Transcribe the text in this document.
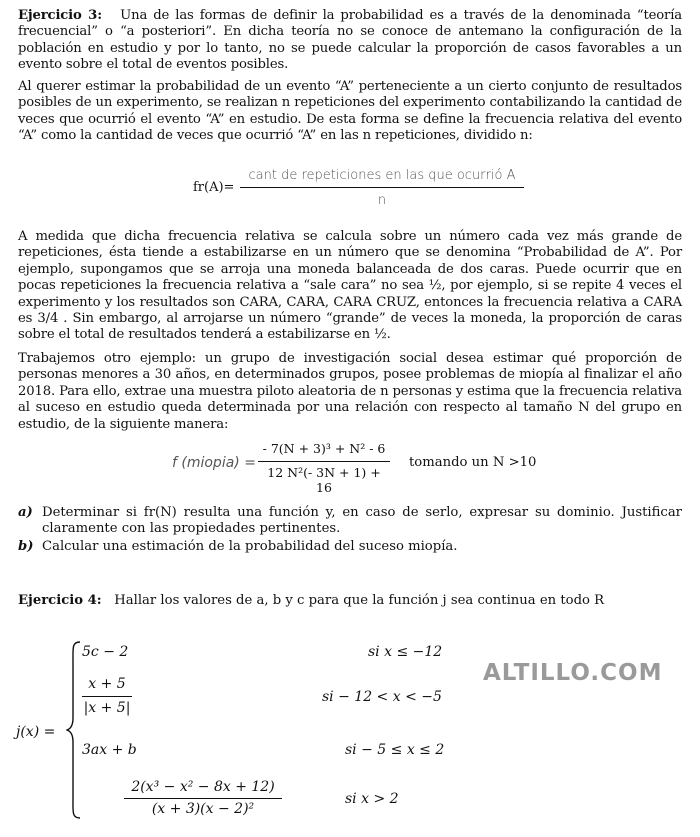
Ejercicio 3: Una de las formas de definir la probabilidad es a través de la denominada “teoría frecuencial” o “a posteriori”. En dicha teoría no se conoce de antemano la configuración de la población en estudio y por lo tanto, no se puede calcular la proporción de casos favorables a un evento sobre el total de eventos posibles.

Al querer estimar la probabilidad de un evento “A” perteneciente a un cierto conjunto de resultados posibles de un experimento, se realizan n repeticiones del experimento contabilizando la cantidad de veces que ocurrió el evento “A” en estudio. De esta forma se define la frecuencia relativa del evento “A” como la cantidad de veces que ocurrió “A” en las n repeticiones, dividido n:

fr(A)=
cant de repeticiones en las que ocurrió A
n

A medida que dicha frecuencia relativa se calcula sobre un número cada vez más grande de repeticiones, ésta tiende a estabilizarse en un número que se denomina “Probabilidad de A”. Por ejemplo, supongamos que se arroja una moneda balanceada de dos caras. Puede ocurrir que en pocas repeticiones la frecuencia relativa a “sale cara” no sea ½, por ejemplo, si se repite 4 veces el experimento y los resultados son CARA, CARA, CARA CRUZ, entonces la frecuencia relativa a CARA es 3/4 . Sin embargo, al arrojarse un número “grande” de veces la moneda, la proporción de caras sobre el total de resultados tenderá a estabilizarse en ½.

Trabajemos otro ejemplo: un grupo de investigación social desea estimar qué proporción de personas menores a 30 años, en determinados grupos, posee problemas de miopía al finalizar el año 2018. Para ello, extrae una muestra piloto aleatoria de n personas y estima que la frecuencia relativa al suceso en estudio queda determinada por una relación con respecto al tamaño N del grupo en estudio, de la siguiente manera:

f (miopia) =
- 7(N + 3)³ + N² - 6
12 N²(- 3N + 1) + 16
tomando un N >10
a) Determinar si fr(N) resulta una función y, en caso de serlo, expresar su dominio. Justificar claramente con las propiedades pertinentes.
b) Calcular una estimación de la probabilidad del suceso miopía.

Ejercicio 4: Hallar los valores de a, b y c para que la función j sea continua en todo R

j(x) =
5c − 2	si x ≤ −12
x + 5
|x + 5|
si − 12 < x < −5
3ax + b	si − 5 ≤ x ≤ 2
2(x³ − x² − 8x + 12)
(x + 3)(x − 2)²
si x > 2
ALTILLO.COM
